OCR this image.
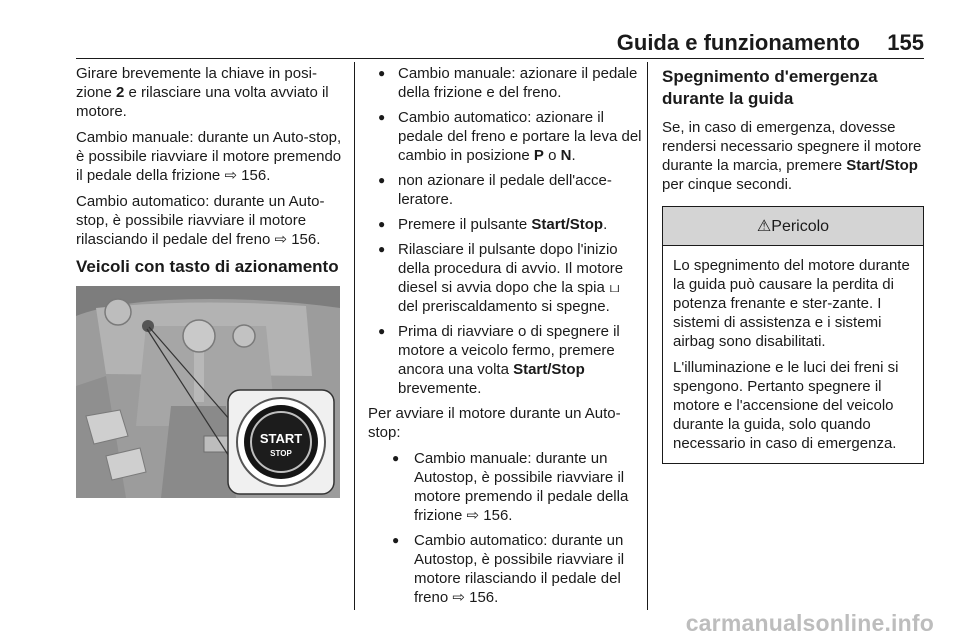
Guida e funzionamento 155

Girare brevemente la chiave in posi-zione 2 e rilasciare una volta avviato il motore.

Cambio manuale: durante un Auto-stop, è possibile riavviare il motore premendo il pedale della frizione ⇨ 156.

Cambio automatico: durante un Auto-stop, è possibile riavviare il motore rilasciando il pedale del freno ⇨ 156.

Veicoli con tasto di azionamento
START
STOP
● Cambio manuale: azionare il pedale della frizione e del freno.
● Cambio automatico: azionare il pedale del freno e portare la leva del cambio in posizione P o N.
● non azionare il pedale dell'acce-leratore.
● Premere il pulsante Start/Stop.
● Rilasciare il pulsante dopo l'inizio della procedura di avvio. Il motore diesel si avvia dopo che la spia ப del preriscaldamento si spegne.
● Prima di riavviare o di spegnere il motore a veicolo fermo, premere ancora una volta Start/Stop brevemente.

Per avviare il motore durante un Auto-stop:

● Cambio manuale: durante un Autostop, è possibile riavviare il motore premendo il pedale della frizione ⇨ 156.
● Cambio automatico: durante un Autostop, è possibile riavviare il motore rilasciando il pedale del freno ⇨ 156.
Spegnimento d'emergenza durante la guida

Se, in caso di emergenza, dovesse rendersi necessario spegnere il motore durante la marcia, premere Start/Stop per cinque secondi.

⚠Pericolo

Lo spegnimento del motore durante la guida può causare la perdita di potenza frenante e ster-zante. I sistemi di assistenza e i sistemi airbag sono disabilitati.

L'illuminazione e le luci dei freni si spengono. Pertanto spegnere il motore e l'accensione del veicolo durante la guida, solo quando necessario in caso di emergenza.

carmanualsonline.info
